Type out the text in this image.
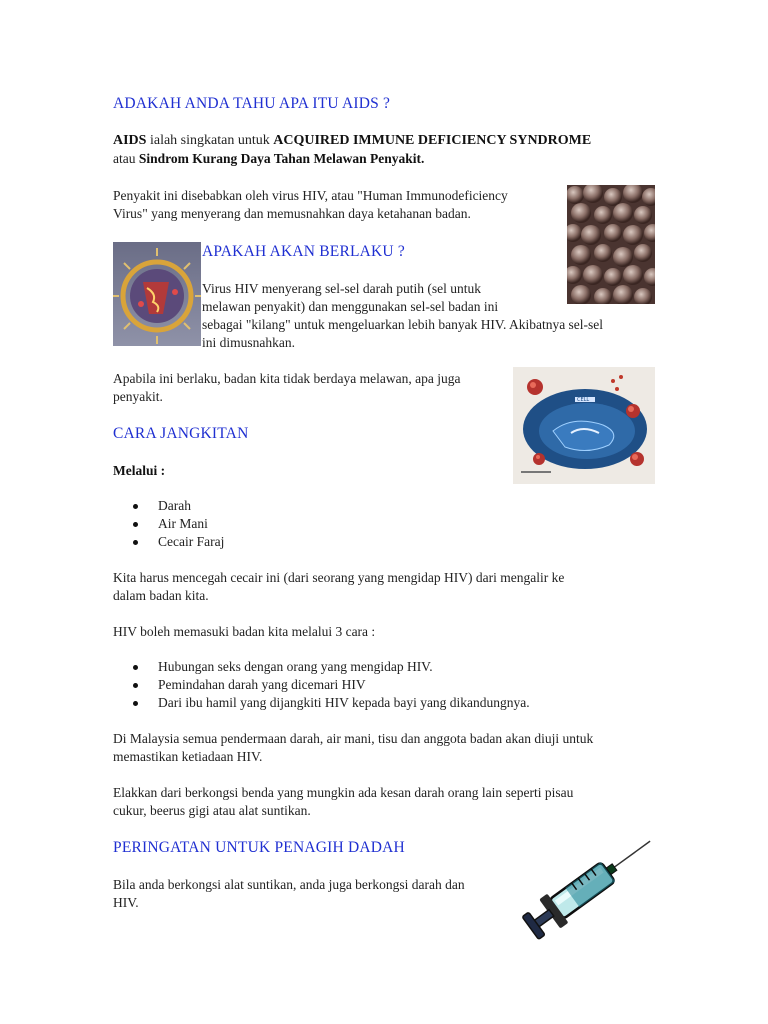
ADAKAH ANDA TAHU APA ITU AIDS ?
AIDS ialah singkatan untuk ACQUIRED IMMUNE DEFICIENCY SYNDROME
atau Sindrom Kurang Daya Tahan Melawan Penyakit.
Penyakit ini disebabkan oleh virus HIV, atau "Human Immunodeficiency
Virus" yang menyerang dan memusnahkan daya ketahanan badan.
APAKAH AKAN BERLAKU ?
Virus HIV menyerang sel-sel darah putih (sel untuk
melawan penyakit) dan menggunakan sel-sel badan ini
sebagai "kilang" untuk mengeluarkan lebih banyak HIV. Akibatnya sel-sel
ini dimusnahkan.
Apabila ini berlaku, badan kita tidak berdaya melawan, apa juga
penyakit.	CELL
CARA JANGKITAN
Melalui :
Darah
Air Mani
Cecair Faraj
Kita harus mencegah cecair ini (dari seorang yang mengidap HIV) dari mengalir ke
dalam badan kita.
HIV boleh memasuki badan kita melalui 3 cara :
Hubungan seks dengan orang yang mengidap HIV.
Pemindahan darah yang dicemari HIV
Dari ibu hamil yang dijangkiti HIV kepada bayi yang dikandungnya.
Di Malaysia semua pendermaan darah, air mani, tisu dan anggota badan akan diuji untuk
memastikan ketiadaan HIV.
Elakkan dari berkongsi benda yang mungkin ada kesan darah orang lain seperti pisau
cukur, beerus gigi atau alat suntikan.
PERINGATAN UNTUK PENAGIH DADAH
Bila anda berkongsi alat suntikan, anda juga berkongsi darah dan
HIV.
